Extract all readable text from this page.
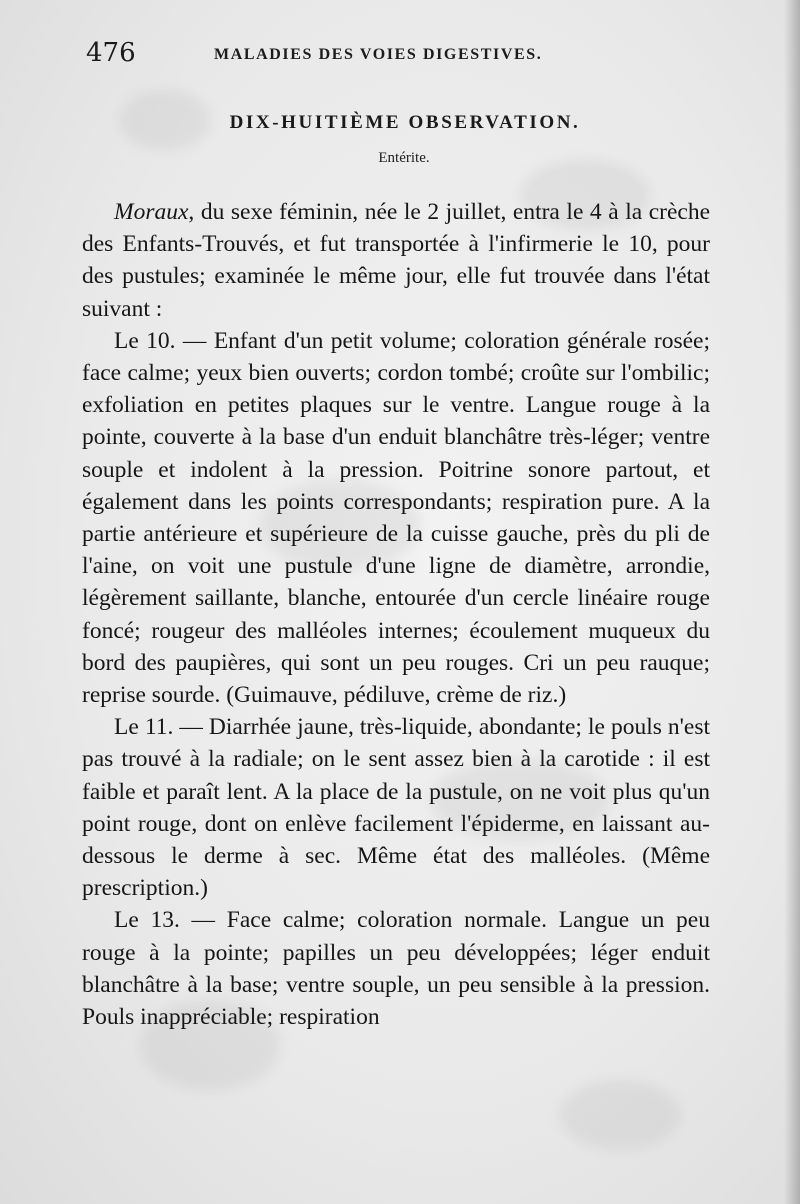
476	MALADIES DES VOIES DIGESTIVES.
DIX-HUITIÈME OBSERVATION.
Entérite.

Moraux, du sexe féminin, née le 2 juillet, entra le 4 à la crèche des Enfants-Trouvés, et fut transportée à l'infirmerie le 10, pour des pustules; examinée le même jour, elle fut trouvée dans l'état suivant :

Le 10. — Enfant d'un petit volume; coloration générale rosée; face calme; yeux bien ouverts; cordon tombé; croûte sur l'ombilic; exfoliation en petites plaques sur le ventre. Langue rouge à la pointe, couverte à la base d'un enduit blanchâtre très-léger; ventre souple et indolent à la pression. Poitrine sonore partout, et également dans les points correspondants; respiration pure. A la partie antérieure et supérieure de la cuisse gauche, près du pli de l'aine, on voit une pustule d'une ligne de diamètre, arrondie, légèrement saillante, blanche, entourée d'un cercle linéaire rouge foncé; rougeur des malléoles internes; écoulement muqueux du bord des paupières, qui sont un peu rouges. Cri un peu rauque; reprise sourde. (Guimauve, pédiluve, crème de riz.)

Le 11. — Diarrhée jaune, très-liquide, abondante; le pouls n'est pas trouvé à la radiale; on le sent assez bien à la carotide : il est faible et paraît lent. A la place de la pustule, on ne voit plus qu'un point rouge, dont on enlève facilement l'épiderme, en laissant au-dessous le derme à sec. Même état des malléoles. (Même prescription.)

Le 13. — Face calme; coloration normale. Langue un peu rouge à la pointe; papilles un peu développées; léger enduit blanchâtre à la base; ventre souple, un peu sensible à la pression. Pouls inappréciable; respiration
